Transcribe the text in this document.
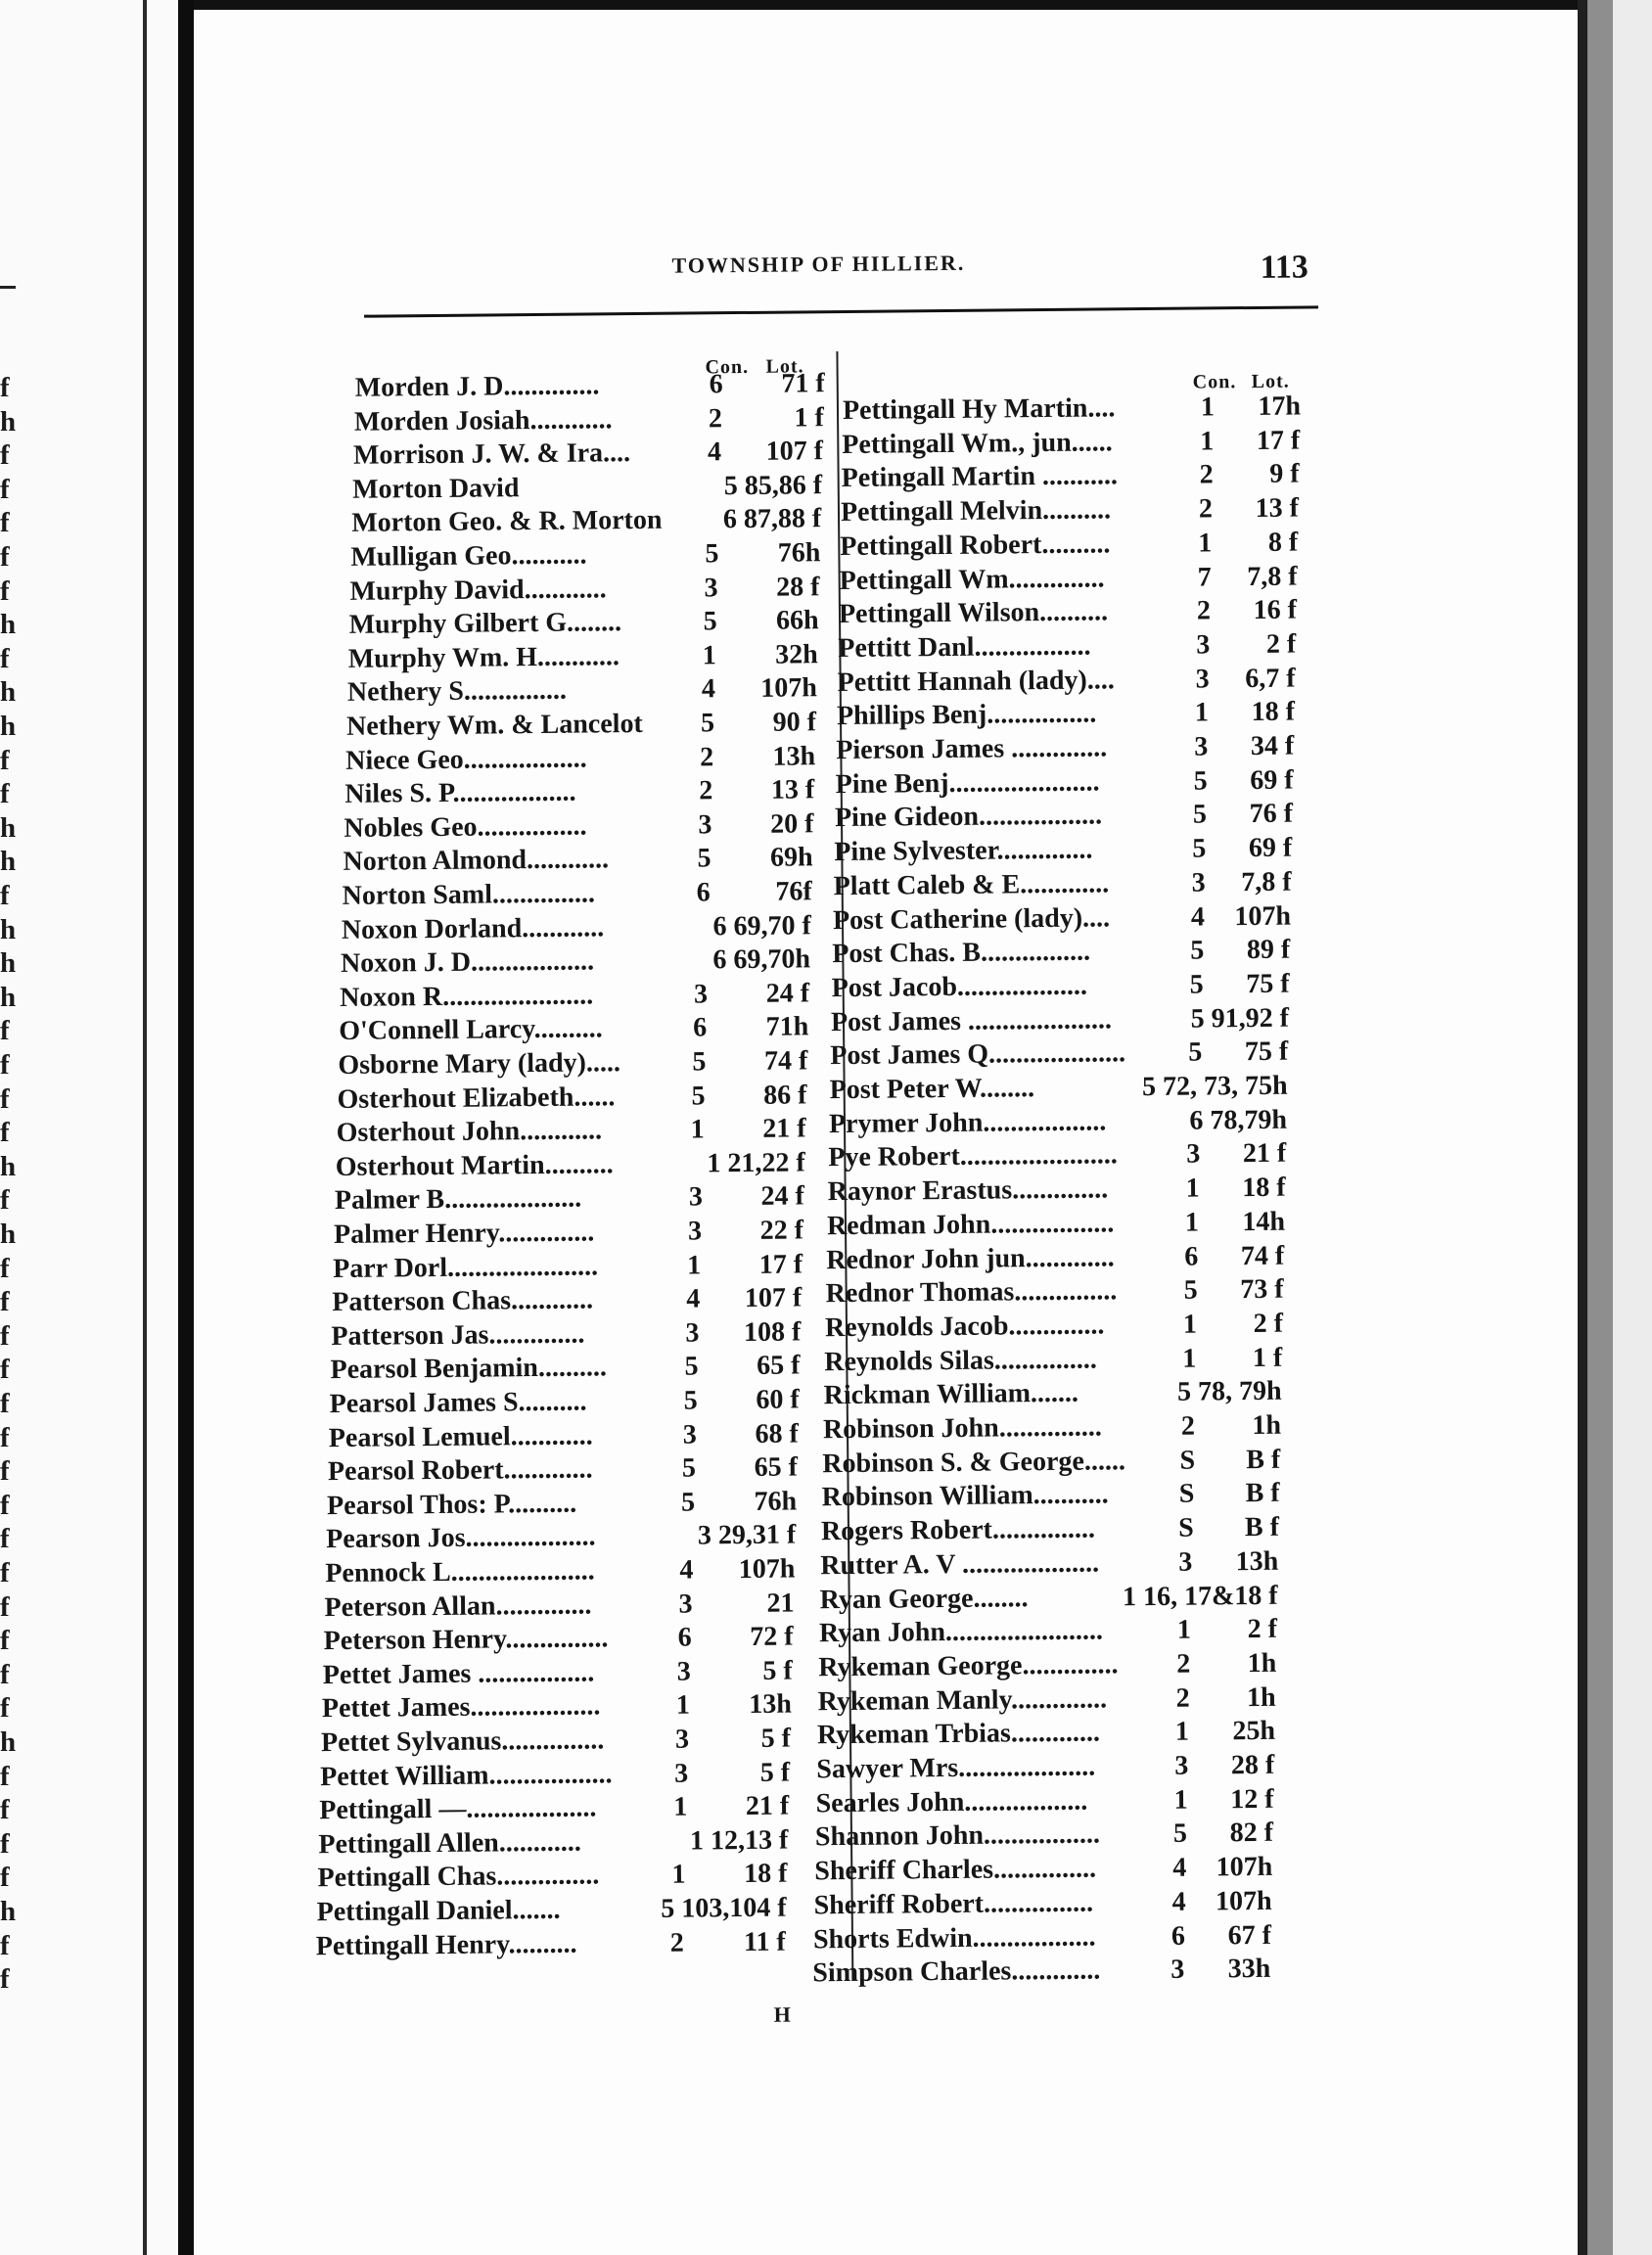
f
h
f
f
f
f
f
h
f
h
h
f
f
h
h
f
h
h
h
f
f
f
f
h
f
h
f
f
f
f
f
f
f
f
f
f
f
f
f
f
h
f
f
f
f
h
f
f
TOWNSHIP OF HILLIER.	113
Con. Lot.
Con. Lot.
Morden J. D..............	6	71 f
Morden Josiah............	2	1 f
Morrison J. W. & Ira....	4	107 f
Morton David	5 85,86 f
Morton Geo. & R. Morton 6 87,88 f
Mulligan Geo...........	5	76h
Murphy David............	3	28 f
Murphy Gilbert G........	5	66h
Murphy Wm. H............	1	32h
Nethery S...............	4	107h
Nethery Wm. & Lancelot	5	90 f
Niece Geo..................	2	13h
Niles S. P..................	2	13 f
Nobles Geo................	3	20 f
Norton Almond............	5	69h
Norton Saml...............	6	76f
Noxon Dorland............	6 69,70 f
Noxon J. D..................	6 69,70h
Noxon R......................	3	24 f
O'Connell Larcy..........	6	71h
Osborne Mary (lady).....	5	74 f
Osterhout Elizabeth......	5	86 f
Osterhout John............	1	21 f
Osterhout Martin..........	1 21,22 f
Palmer B....................	3	24 f
Palmer Henry..............	3	22 f
Parr Dorl......................	1	17 f
Patterson Chas............	4	107 f
Patterson Jas..............	3	108 f
Pearsol Benjamin..........	5	65 f
Pearsol James S..........	5	60 f
Pearsol Lemuel............	3	68 f
Pearsol Robert.............	5	65 f
Pearsol Thos: P..........	5	76h
Pearson Jos...................	3 29,31 f
Pennock L.....................	4	107h
Peterson Allan..............	3	21
Peterson Henry...............	6	72 f
Pettet James .................	3	5 f
Pettet James...................	1	13h
Pettet Sylvanus...............	3	5 f
Pettet William..................	3	5 f
Pettingall —...................	1	21 f
Pettingall Allen............	1 12,13 f
Pettingall Chas...............	1	18 f
Pettingall Daniel.......	5 103,104 f
Pettingall Henry..........	2	11 f
Pettingall Hy Martin....	1	17h
Pettingall Wm., jun......	1	17 f
Petingall Martin ...........	2	9 f
Pettingall Melvin..........	2	13 f
Pettingall Robert..........	1	8 f
Pettingall Wm..............	7	7,8 f
Pettingall Wilson..........	2	16 f
Pettitt Danl.................	3	2 f
Pettitt Hannah (lady)....	3	6,7 f
Phillips Benj................	1	18 f
Pierson James ..............	3	34 f
Pine Benj......................	5	69 f
Pine Gideon..................	5	76 f
Pine Sylvester..............	5	69 f
Platt Caleb & E.............	3	7,8 f
Post Catherine (lady)....	4	107h
Post Chas. B................	5	89 f
Post Jacob...................	5	75 f
Post James .....................	5 91,92 f
Post James Q....................	5	75 f
Post Peter W........	5 72, 73, 75h
Prymer John..................	6 78,79h
Pye Robert.......................	3	21 f
Raynor Erastus..............	1	18 f
Redman John..................	1	14h
Rednor John jun.............	6	74 f
Rednor Thomas...............	5	73 f
Reynolds Jacob..............	1	2 f
Reynolds Silas...............	1	1 f
Rickman William.......	5 78, 79h
Robinson John...............	2	1h
Robinson S. & George......	S	B f
Robinson William...........	S	B f
Rogers Robert...............	S	B f
Rutter A. V ....................	3	13h
Ryan George........	1 16, 17&18 f
Ryan John.......................	1	2 f
Rykeman George..............	2	1h
Rykeman Manly..............	2	1h
Rykeman Trbias.............	1	25h
Sawyer Mrs....................	3	28 f
Searles John..................	1	12 f
Shannon John.................	5	82 f
Sheriff Charles...............	4	107h
Sheriff Robert................	4	107h
Shorts Edwin..................	6	67 f
Simpson Charles.............	3	33h
H
